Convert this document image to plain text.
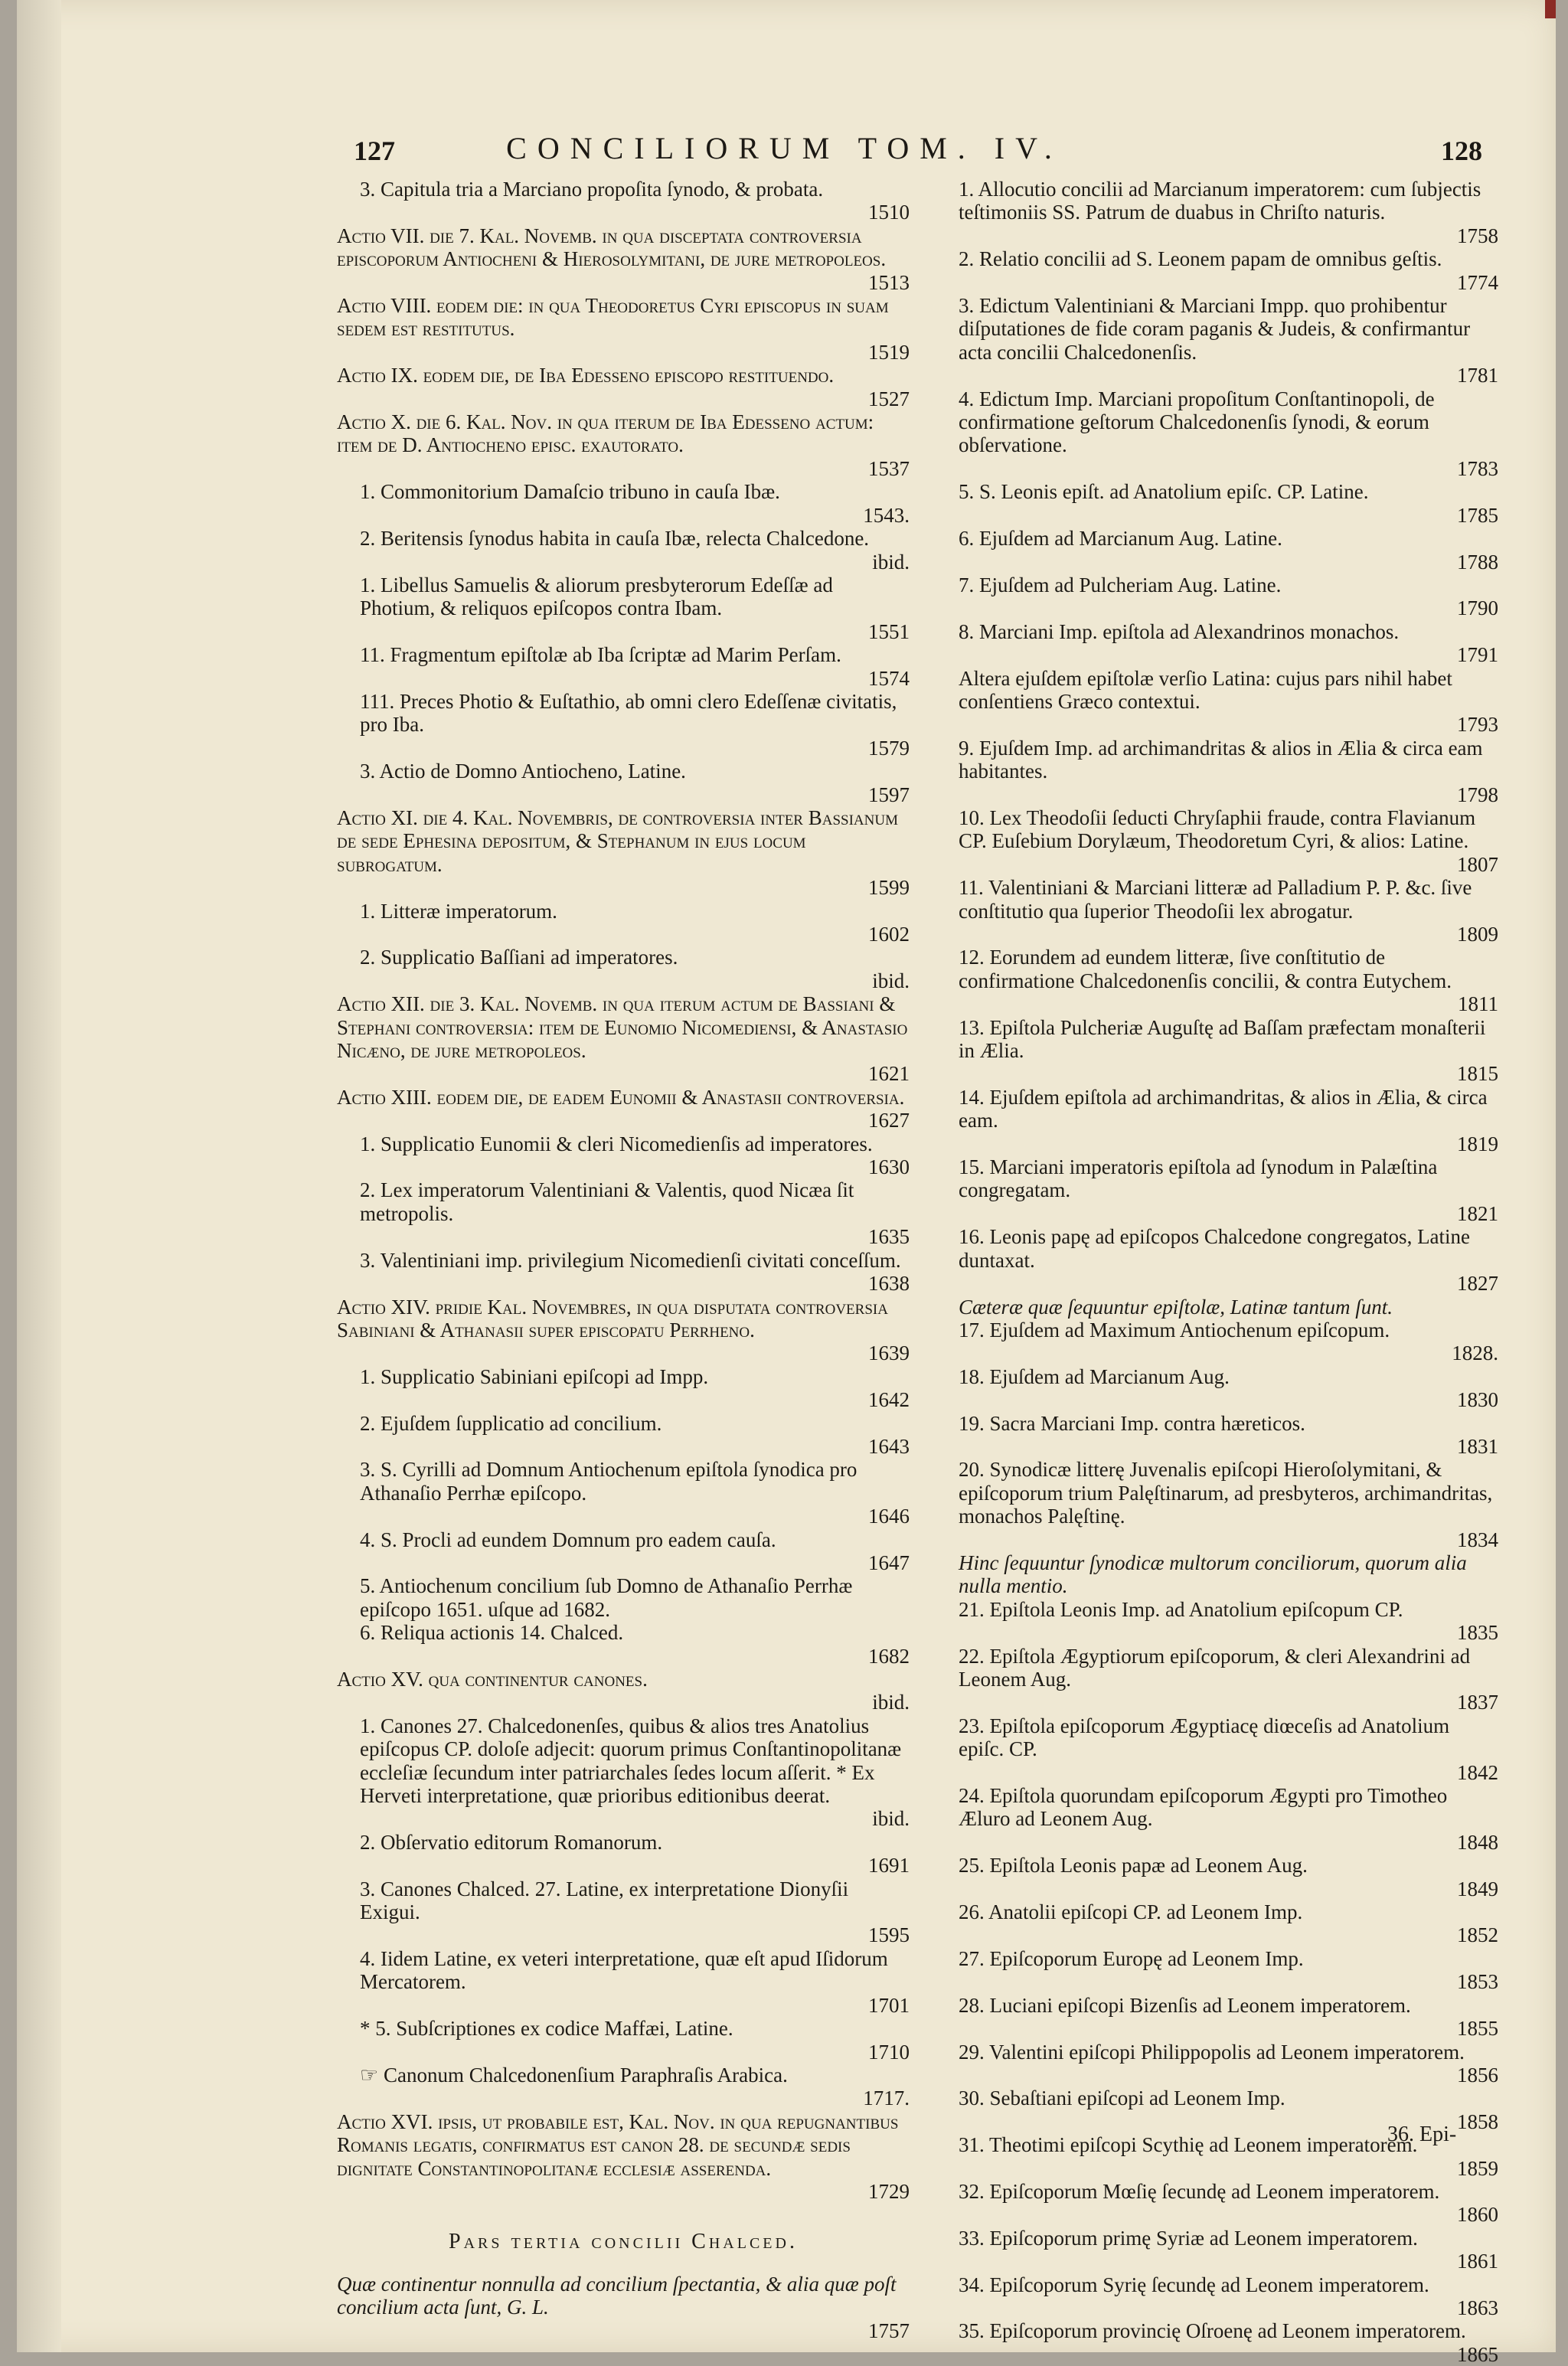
127	CONCILIORUM TOM. IV.	128
3. Capitula tria a Marciano propoſita ſynodo, & probata.
1510
Actio VII. die 7. Kal. Novemb. in qua diſceptata controverſia epiſcoporum Antiocheni & Hieroſolymitani, de jure metropoleos.
1513
Actio VIII. eodem die: in qua Theodoretus Cyri epiſcopus in ſuam ſedem eſt reſtitutus.
1519
Actio IX. eodem die, de Iba Edeſſeno epiſcopo reſtituendo.
1527
Actio X. die 6. Kal. Nov. in qua iterum de Iba Edeſſeno actum: item de D. Antiocheno epiſc. exautorato.
1537
1. Commonitorium Damaſcio tribuno in cauſa Ibæ.
1543.
2. Beritensis ſynodus habita in cauſa Ibæ, relecta Chalcedone.
ibid.
1. Libellus Samuelis & aliorum presbyterorum Edeſſæ ad Photium, & reliquos epiſcopos contra Ibam.
1551
11. Fragmentum epiſtolæ ab Iba ſcriptæ ad Marim Perſam.
1574
111. Preces Photio & Euſtathio, ab omni clero Edeſſenæ civitatis, pro Iba.
1579
3. Actio de Domno Antiocheno, Latine.
1597
Actio XI. die 4. Kal. Novembris, de controverſia inter Baſſianum de ſede Epheſina depoſitum, & Stephanum in ejus locum ſubrogatum.
1599
1. Litteræ imperatorum.
1602
2. Supplicatio Baſſiani ad imperatores.
ibid.
Actio XII. die 3. Kal. Novemb. in qua iterum actum de Baſſiani & Stephani controverſia: item de Eunomio Nicomedienſi, & Anaſtaſio Nicæno, de jure metropoleos.
1621
Actio XIII. eodem die, de eadem Eunomii & Anaſtaſii controverſia.
1627
1. Supplicatio Eunomii & cleri Nicomedienſis ad imperatores.
1630
2. Lex imperatorum Valentiniani & Valentis, quod Nicæa ſit metropolis.
1635
3. Valentiniani imp. privilegium Nicomedienſi civitati conceſſum.
1638
Actio XIV. pridie Kal. Novembres, in qua diſputata controverſia Sabiniani & Athanaſii ſuper epiſcopatu Perrheno.
1639
1. Supplicatio Sabiniani epiſcopi ad Impp.
1642
2. Ejuſdem ſupplicatio ad concilium.
1643
3. S. Cyrilli ad Domnum Antiochenum epiſtola ſynodica pro Athanaſio Perrhæ epiſcopo.
1646
4. S. Procli ad eundem Domnum pro eadem cauſa.
1647
5. Antiochenum concilium ſub Domno de Athanaſio Perrhæ epiſcopo 1651. uſque ad 1682.
6. Reliqua actionis 14. Chalced.
1682
Actio XV. qua continentur canones.
ibid.
1. Canones 27. Chalcedonenſes, quibus & alios tres Anatolius epiſcopus CP. doloſe adjecit: quorum primus Conſtantinopolitanæ eccleſiæ ſecundum inter patriarchales ſedes locum aſſerit. * Ex Herveti interpretatione, quæ prioribus editionibus deerat.
ibid.
2. Obſervatio editorum Romanorum.
1691
3. Canones Chalced. 27. Latine, ex interpretatione Dionyſii Exigui.
1595
4. Iidem Latine, ex veteri interpretatione, quæ eſt apud Iſidorum Mercatorem.
1701
* 5. Subſcriptiones ex codice Maffæi, Latine.
1710
☞ Canonum Chalcedonenſium Paraphraſis Arabica.
1717.
Actio XVI. ipſis, ut probabile eſt, Kal. Nov. in qua repugnantibus Romanis legatis, confirmatus eſt canon 28. de ſecundæ ſedis dignitate Conſtantinopolitanæ eccleſiæ aſſerenda.
1729
Pars tertia concilii Chalced.
Quæ continentur nonnulla ad concilium ſpectantia, & alia quæ poſt concilium acta ſunt, G. L.
1757
1. Allocutio concilii ad Marcianum imperatorem: cum ſubjectis teſtimoniis SS. Patrum de duabus in Chriſto naturis.
1758
2. Relatio concilii ad S. Leonem papam de omnibus geſtis.
1774
3. Edictum Valentiniani & Marciani Impp. quo prohibentur diſputationes de fide coram paganis & Judeis, & confirmantur acta concilii Chalcedonenſis.
1781
4. Edictum Imp. Marciani propoſitum Conſtantinopoli, de confirmatione geſtorum Chalcedonenſis ſynodi, & eorum obſervatione.
1783
5. S. Leonis epiſt. ad Anatolium epiſc. CP. Latine.
1785
6. Ejuſdem ad Marcianum Aug. Latine.
1788
7. Ejuſdem ad Pulcheriam Aug. Latine.
1790
8. Marciani Imp. epiſtola ad Alexandrinos monachos.
1791
Altera ejuſdem epiſtolæ verſio Latina: cujus pars nihil habet conſentiens Græco contextui.
1793
9. Ejuſdem Imp. ad archimandritas & alios in Ælia & circa eam habitantes.
1798
10. Lex Theodoſii ſeducti Chryſaphii fraude, contra Flavianum CP. Euſebium Dorylæum, Theodoretum Cyri, & alios: Latine.
1807
11. Valentiniani & Marciani litteræ ad Palladium P. P. &c. ſive conſtitutio qua ſuperior Theodoſii lex abrogatur.
1809
12. Eorundem ad eundem litteræ, ſive conſtitutio de confirmatione Chalcedonenſis concilii, & contra Eutychem.
1811
13. Epiſtola Pulcheriæ Auguſtę ad Baſſam præfectam monaſterii in Ælia.
1815
14. Ejuſdem epiſtola ad archimandritas, & alios in Ælia, & circa eam.
1819
15. Marciani imperatoris epiſtola ad ſynodum in Palæſtina congregatam.
1821
16. Leonis papę ad epiſcopos Chalcedone congregatos, Latine duntaxat.
1827
Cæteræ quæ ſequuntur epiſtolæ, Latinæ tantum ſunt.
17. Ejuſdem ad Maximum Antiochenum epiſcopum.
1828.
18. Ejuſdem ad Marcianum Aug.
1830
19. Sacra Marciani Imp. contra hæreticos.
1831
20. Synodicæ litterę Juvenalis epiſcopi Hieroſolymitani, & epiſcoporum trium Palęſtinarum, ad presbyteros, archimandritas, monachos Palęſtinę.
1834
Hinc ſequuntur ſynodicæ multorum conciliorum, quorum alia nulla mentio.
21. Epiſtola Leonis Imp. ad Anatolium epiſcopum CP.
1835
22. Epiſtola Ægyptiorum epiſcoporum, & cleri Alexandrini ad Leonem Aug.
1837
23. Epiſtola epiſcoporum Ægyptiacę diœceſis ad Anatolium epiſc. CP.
1842
24. Epiſtola quorundam epiſcoporum Ægypti pro Timotheo Æluro ad Leonem Aug.
1848
25. Epiſtola Leonis papæ ad Leonem Aug.
1849
26. Anatolii epiſcopi CP. ad Leonem Imp.
1852
27. Epiſcoporum Europę ad Leonem Imp.
1853
28. Luciani epiſcopi Bizenſis ad Leonem imperatorem.
1855
29. Valentini epiſcopi Philippopolis ad Leonem imperatorem.
1856
30. Sebaſtiani epiſcopi ad Leonem Imp.
1858
31. Theotimi epiſcopi Scythię ad Leonem imperatorem.
1859
32. Epiſcoporum Mœſię ſecundę ad Leonem imperatorem.
1860
33. Epiſcoporum primę Syriæ ad Leonem imperatorem.
1861
34. Epiſcoporum Syrię ſecundę ad Leonem imperatorem.
1863
35. Epiſcoporum provincię Oſroenę ad Leonem imperatorem.
1865
36. Epi-
